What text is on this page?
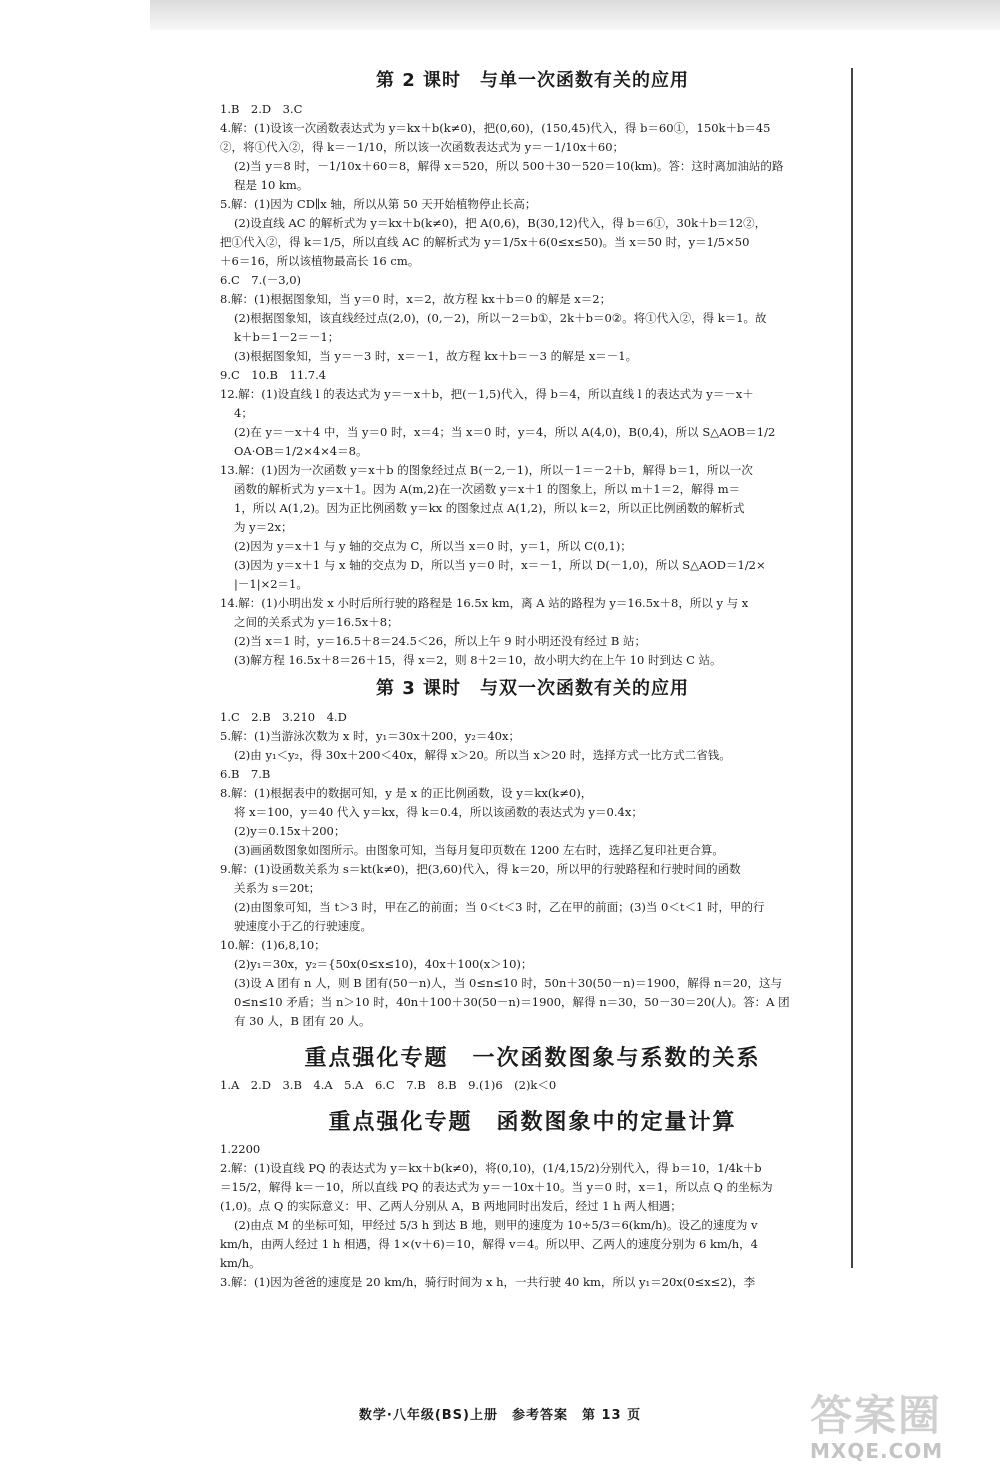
第 2 课时　与单一次函数有关的应用
1.B　2.D　3.C
4.解：(1)设该一次函数表达式为 y＝kx＋b(k≠0)，把(0,60)，(150,45)代入，得 b＝60①，150k＋b＝45
②，将①代入②，得 k＝－1/10，所以该一次函数表达式为 y＝－1/10x＋60；
(2)当 y＝8 时，－1/10x＋60＝8，解得 x＝520，所以 500＋30－520＝10(km)。答：这时离加油站的路
程是 10 km。
5.解：(1)因为 CD∥x 轴，所以从第 50 天开始植物停止长高；
(2)设直线 AC 的解析式为 y＝kx＋b(k≠0)，把 A(0,6)，B(30,12)代入，得 b＝6①，30k＋b＝12②，
把①代入②，得 k＝1/5，所以直线 AC 的解析式为 y＝1/5x＋6(0≤x≤50)。当 x＝50 时，y＝1/5×50
＋6＝16，所以该植物最高长 16 cm。
6.C　7.(－3,0)
8.解：(1)根据图象知，当 y＝0 时，x＝2，故方程 kx＋b＝0 的解是 x＝2；
(2)根据图象知，该直线经过点(2,0)，(0,－2)，所以－2＝b①，2k＋b＝0②。将①代入②，得 k＝1。故
k＋b＝1－2＝－1；
(3)根据图象知，当 y＝－3 时，x＝－1，故方程 kx＋b＝－3 的解是 x＝－1。
9.C　10.B　11.7.4
12.解：(1)设直线 l 的表达式为 y＝－x＋b，把(－1,5)代入，得 b＝4，所以直线 l 的表达式为 y＝－x＋
4；
(2)在 y＝－x＋4 中，当 y＝0 时，x＝4；当 x＝0 时，y＝4，所以 A(4,0)，B(0,4)，所以 S△AOB＝1/2
OA·OB＝1/2×4×4＝8。
13.解：(1)因为一次函数 y＝x＋b 的图象经过点 B(－2,－1)，所以－1＝－2＋b，解得 b＝1，所以一次
函数的解析式为 y＝x＋1。因为 A(m,2)在一次函数 y＝x＋1 的图象上，所以 m＋1＝2，解得 m＝
1，所以 A(1,2)。因为正比例函数 y＝kx 的图象过点 A(1,2)，所以 k＝2，所以正比例函数的解析式
为 y＝2x；
(2)因为 y＝x＋1 与 y 轴的交点为 C，所以当 x＝0 时，y＝1，所以 C(0,1)；
(3)因为 y＝x＋1 与 x 轴的交点为 D，所以当 y＝0 时，x＝－1，所以 D(－1,0)，所以 S△AOD＝1/2×
|－1|×2＝1。
14.解：(1)小明出发 x 小时后所行驶的路程是 16.5x km，离 A 站的路程为 y＝16.5x＋8，所以 y 与 x
之间的关系式为 y＝16.5x＋8；
(2)当 x＝1 时，y＝16.5＋8＝24.5＜26，所以上午 9 时小明还没有经过 B 站；
(3)解方程 16.5x＋8＝26＋15，得 x＝2，则 8＋2＝10，故小明大约在上午 10 时到达 C 站。
第 3 课时　与双一次函数有关的应用
1.C　2.B　3.210　4.D
5.解：(1)当游泳次数为 x 时，y₁＝30x＋200，y₂＝40x；
(2)由 y₁＜y₂，得 30x＋200＜40x，解得 x＞20。所以当 x＞20 时，选择方式一比方式二省钱。
6.B　7.B
8.解：(1)根据表中的数据可知，y 是 x 的正比例函数，设 y＝kx(k≠0)，
将 x＝100，y＝40 代入 y＝kx，得 k＝0.4，所以该函数的表达式为 y＝0.4x；
(2)y＝0.15x＋200；
(3)画函数图象如图所示。由图象可知，当每月复印页数在 1200 左右时，选择乙复印社更合算。
9.解：(1)设函数关系为 s＝kt(k≠0)，把(3,60)代入，得 k＝20，所以甲的行驶路程和行驶时间的函数
关系为 s＝20t；
(2)由图象可知，当 t＞3 时，甲在乙的前面；当 0＜t＜3 时，乙在甲的前面；(3)当 0＜t＜1 时，甲的行
驶速度小于乙的行驶速度。
10.解：(1)6,8,10；
(2)y₁＝30x，y₂＝{50x(0≤x≤10)，40x＋100(x＞10)；
(3)设 A 团有 n 人，则 B 团有(50－n)人，当 0≤n≤10 时，50n＋30(50－n)＝1900，解得 n＝20，这与
0≤n≤10 矛盾；当 n＞10 时，40n＋100＋30(50－n)＝1900，解得 n＝30，50－30＝20(人)。答：A 团
有 30 人，B 团有 20 人。
重点强化专题　一次函数图象与系数的关系
1.A　2.D　3.B　4.A　5.A　6.C　7.B　8.B　9.(1)6　(2)k＜0
重点强化专题　函数图象中的定量计算
1.2200
2.解：(1)设直线 PQ 的表达式为 y＝kx＋b(k≠0)，将(0,10)，(1/4,15/2)分别代入，得 b＝10，1/4k＋b
＝15/2，解得 k＝－10，所以直线 PQ 的表达式为 y＝－10x＋10。当 y＝0 时，x＝1，所以点 Q 的坐标为
(1,0)。点 Q 的实际意义：甲、乙两人分别从 A，B 两地同时出发后，经过 1 h 两人相遇；
(2)由点 M 的坐标可知，甲经过 5/3 h 到达 B 地，则甲的速度为 10÷5/3＝6(km/h)。设乙的速度为 v
km/h，由两人经过 1 h 相遇，得 1×(v＋6)＝10，解得 v＝4。所以甲、乙两人的速度分别为 6 km/h，4
km/h。
3.解：(1)因为爸爸的速度是 20 km/h，骑行时间为 x h，一共行驶 40 km，所以 y₁＝20x(0≤x≤2)，李
数学·八年级(BS)上册　参考答案　第 13 页	答案圈
MXQE.COM
